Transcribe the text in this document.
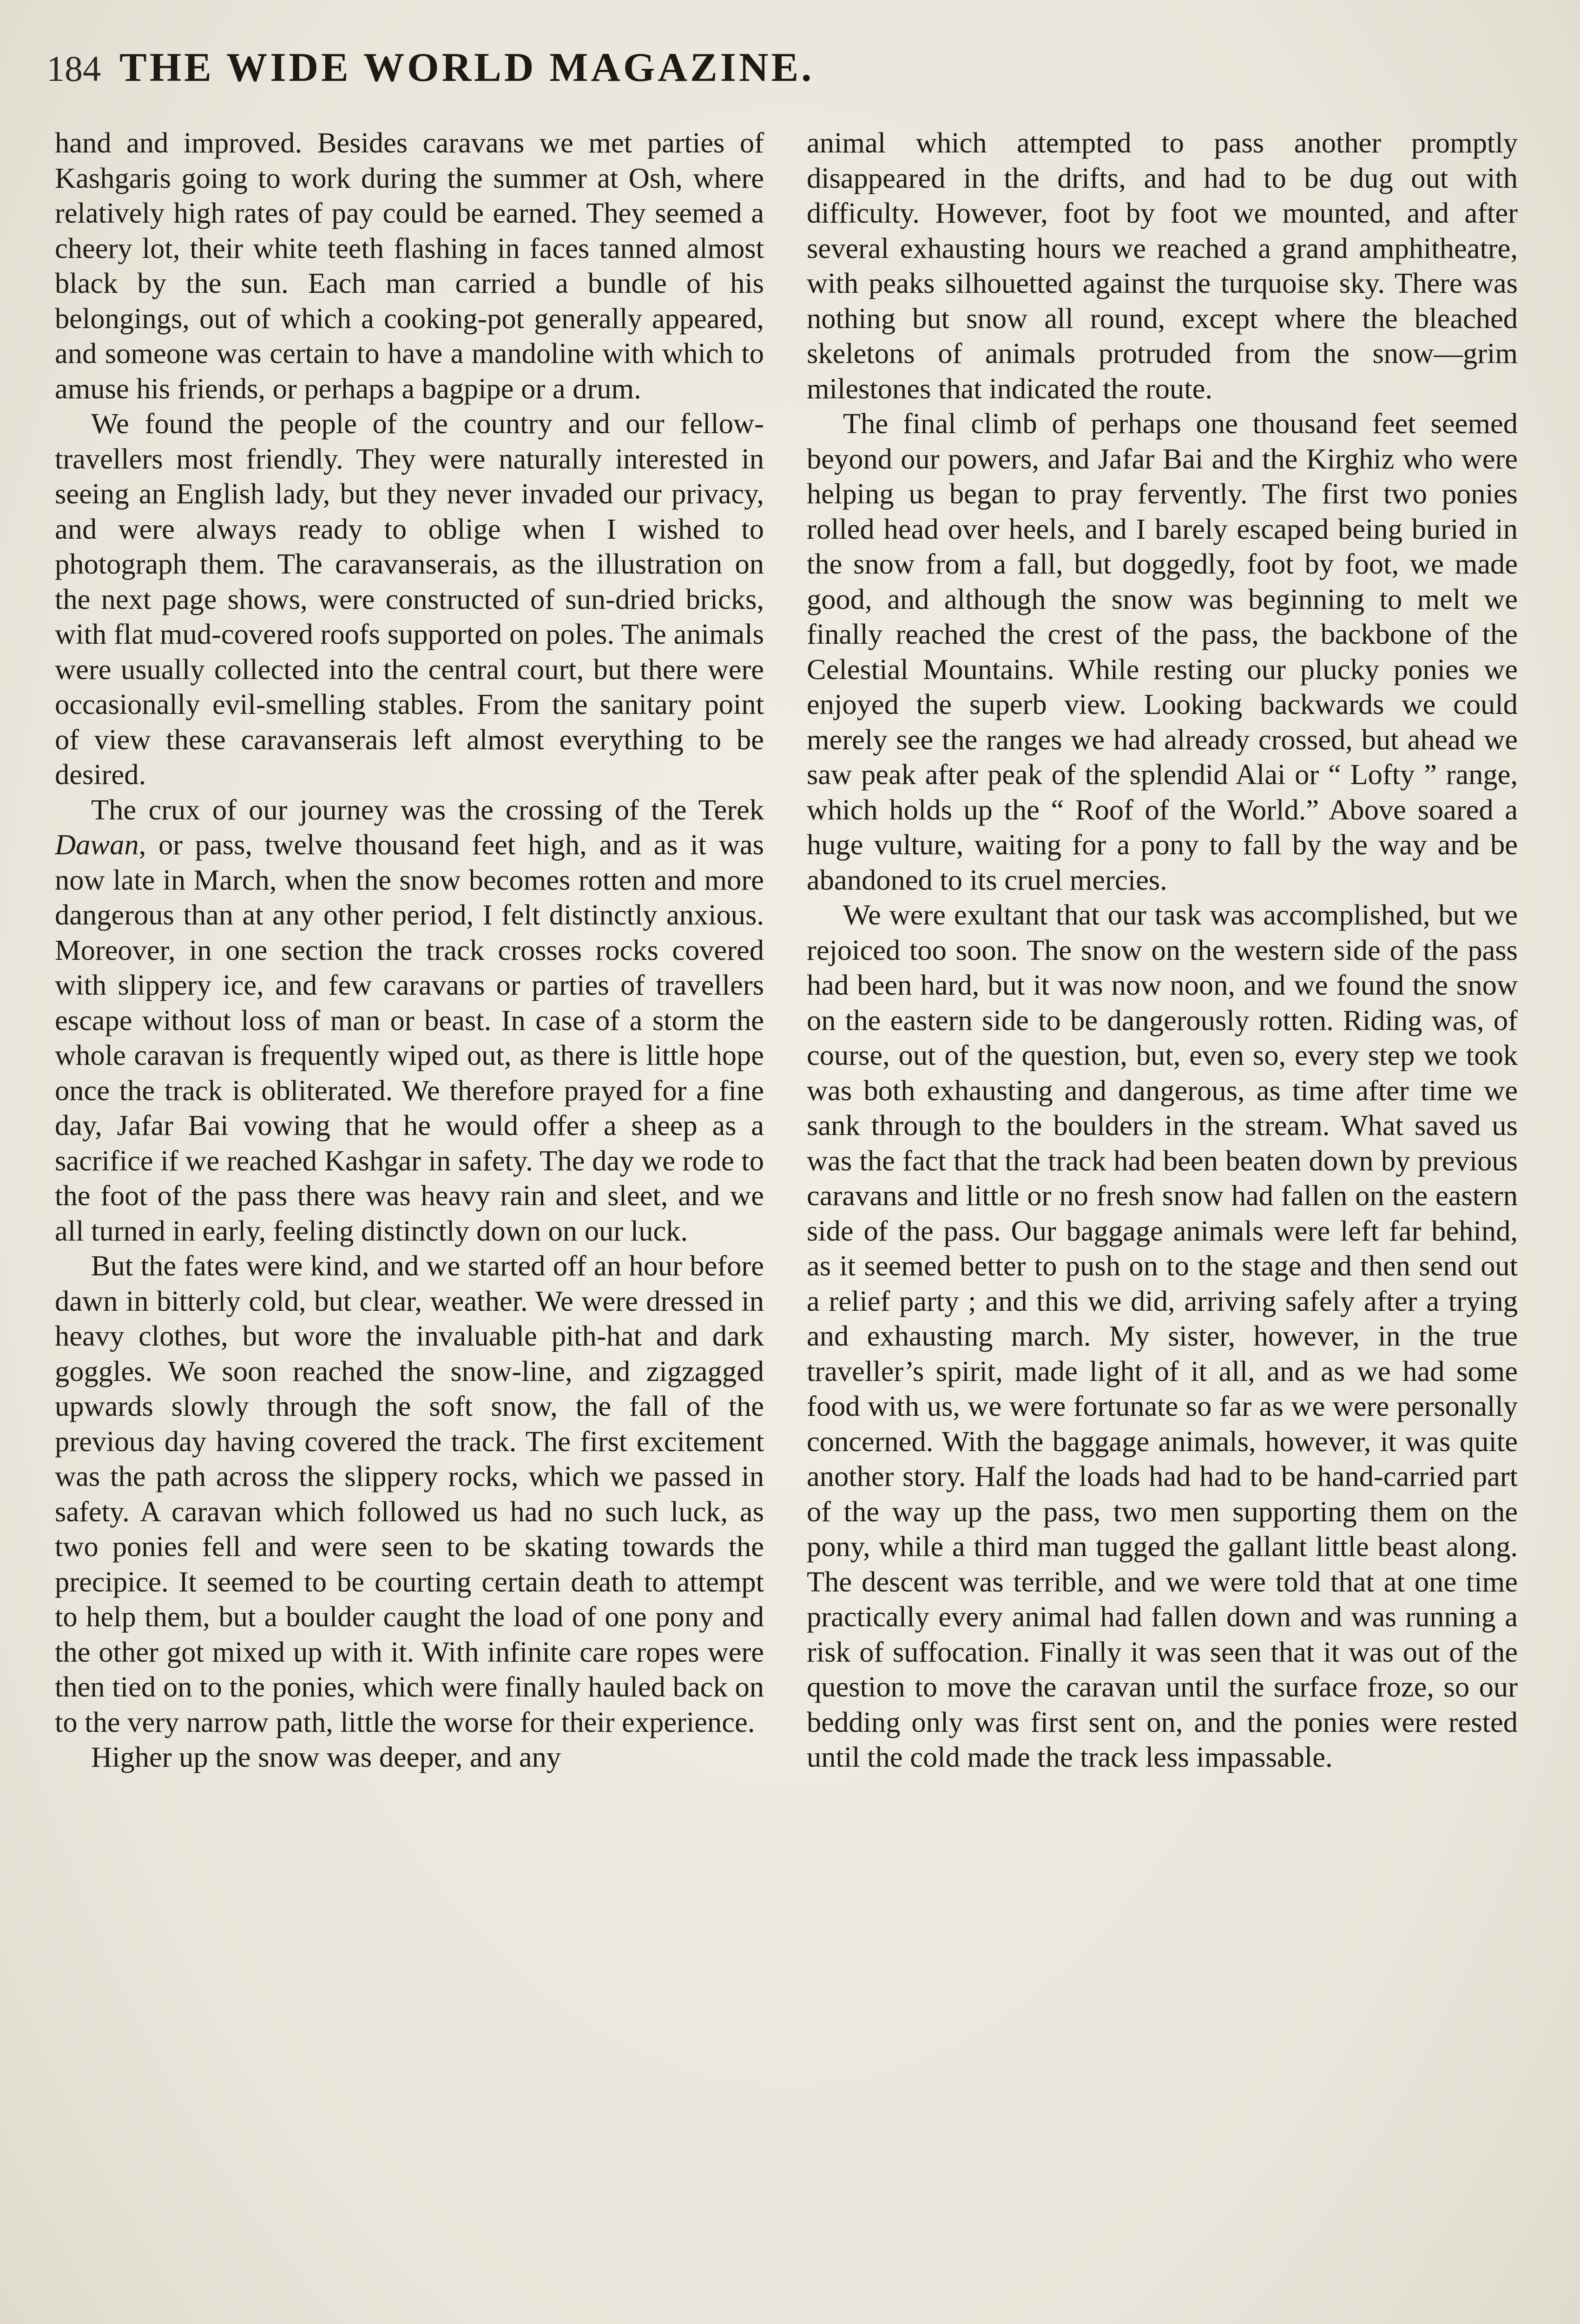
184 THE WIDE WORLD MAGAZINE.

hand and improved. Besides caravans we met parties of Kashgaris going to work during the summer at Osh, where relatively high rates of pay could be earned. They seemed a cheery lot, their white teeth flashing in faces tanned almost black by the sun. Each man carried a bundle of his belongings, out of which a cooking-pot generally appeared, and someone was certain to have a mandoline with which to amuse his friends, or perhaps a bagpipe or a drum.

We found the people of the country and our fellow-travellers most friendly. They were naturally interested in seeing an English lady, but they never invaded our privacy, and were always ready to oblige when I wished to photograph them. The caravanserais, as the illustration on the next page shows, were constructed of sun-dried bricks, with flat mud-covered roofs supported on poles. The animals were usually collected into the central court, but there were occasionally evil-smelling stables. From the sanitary point of view these caravanserais left almost everything to be desired.

The crux of our journey was the crossing of the Terek Dawan, or pass, twelve thousand feet high, and as it was now late in March, when the snow becomes rotten and more dangerous than at any other period, I felt distinctly anxious. Moreover, in one section the track crosses rocks covered with slippery ice, and few caravans or parties of travellers escape without loss of man or beast. In case of a storm the whole caravan is frequently wiped out, as there is little hope once the track is obliterated. We therefore prayed for a fine day, Jafar Bai vowing that he would offer a sheep as a sacrifice if we reached Kashgar in safety. The day we rode to the foot of the pass there was heavy rain and sleet, and we all turned in early, feeling distinctly down on our luck.

But the fates were kind, and we started off an hour before dawn in bitterly cold, but clear, weather. We were dressed in heavy clothes, but wore the invaluable pith-hat and dark goggles. We soon reached the snow-line, and zigzagged upwards slowly through the soft snow, the fall of the previous day having covered the track. The first excitement was the path across the slippery rocks, which we passed in safety. A caravan which followed us had no such luck, as two ponies fell and were seen to be skating towards the precipice. It seemed to be courting certain death to attempt to help them, but a boulder caught the load of one pony and the other got mixed up with it. With infinite care ropes were then tied on to the ponies, which were finally hauled back on to the very narrow path, little the worse for their experience.

Higher up the snow was deeper, and any

animal which attempted to pass another promptly disappeared in the drifts, and had to be dug out with difficulty. However, foot by foot we mounted, and after several exhausting hours we reached a grand amphitheatre, with peaks silhouetted against the turquoise sky. There was nothing but snow all round, except where the bleached skeletons of animals protruded from the snow—grim milestones that indicated the route.

The final climb of perhaps one thousand feet seemed beyond our powers, and Jafar Bai and the Kirghiz who were helping us began to pray fervently. The first two ponies rolled head over heels, and I barely escaped being buried in the snow from a fall, but doggedly, foot by foot, we made good, and although the snow was beginning to melt we finally reached the crest of the pass, the backbone of the Celestial Mountains. While resting our plucky ponies we enjoyed the superb view. Looking backwards we could merely see the ranges we had already crossed, but ahead we saw peak after peak of the splendid Alai or “ Lofty ” range, which holds up the “ Roof of the World.” Above soared a huge vulture, waiting for a pony to fall by the way and be abandoned to its cruel mercies.

We were exultant that our task was accomplished, but we rejoiced too soon. The snow on the western side of the pass had been hard, but it was now noon, and we found the snow on the eastern side to be dangerously rotten. Riding was, of course, out of the question, but, even so, every step we took was both exhausting and dangerous, as time after time we sank through to the boulders in the stream. What saved us was the fact that the track had been beaten down by previous caravans and little or no fresh snow had fallen on the eastern side of the pass. Our baggage animals were left far behind, as it seemed better to push on to the stage and then send out a relief party ; and this we did, arriving safely after a trying and exhausting march. My sister, however, in the true traveller’s spirit, made light of it all, and as we had some food with us, we were fortunate so far as we were personally concerned. With the baggage animals, however, it was quite another story. Half the loads had had to be hand-carried part of the way up the pass, two men supporting them on the pony, while a third man tugged the gallant little beast along. The descent was terrible, and we were told that at one time practically every animal had fallen down and was running a risk of suffocation. Finally it was seen that it was out of the question to move the caravan until the surface froze, so our bedding only was first sent on, and the ponies were rested until the cold made the track less impassable.
